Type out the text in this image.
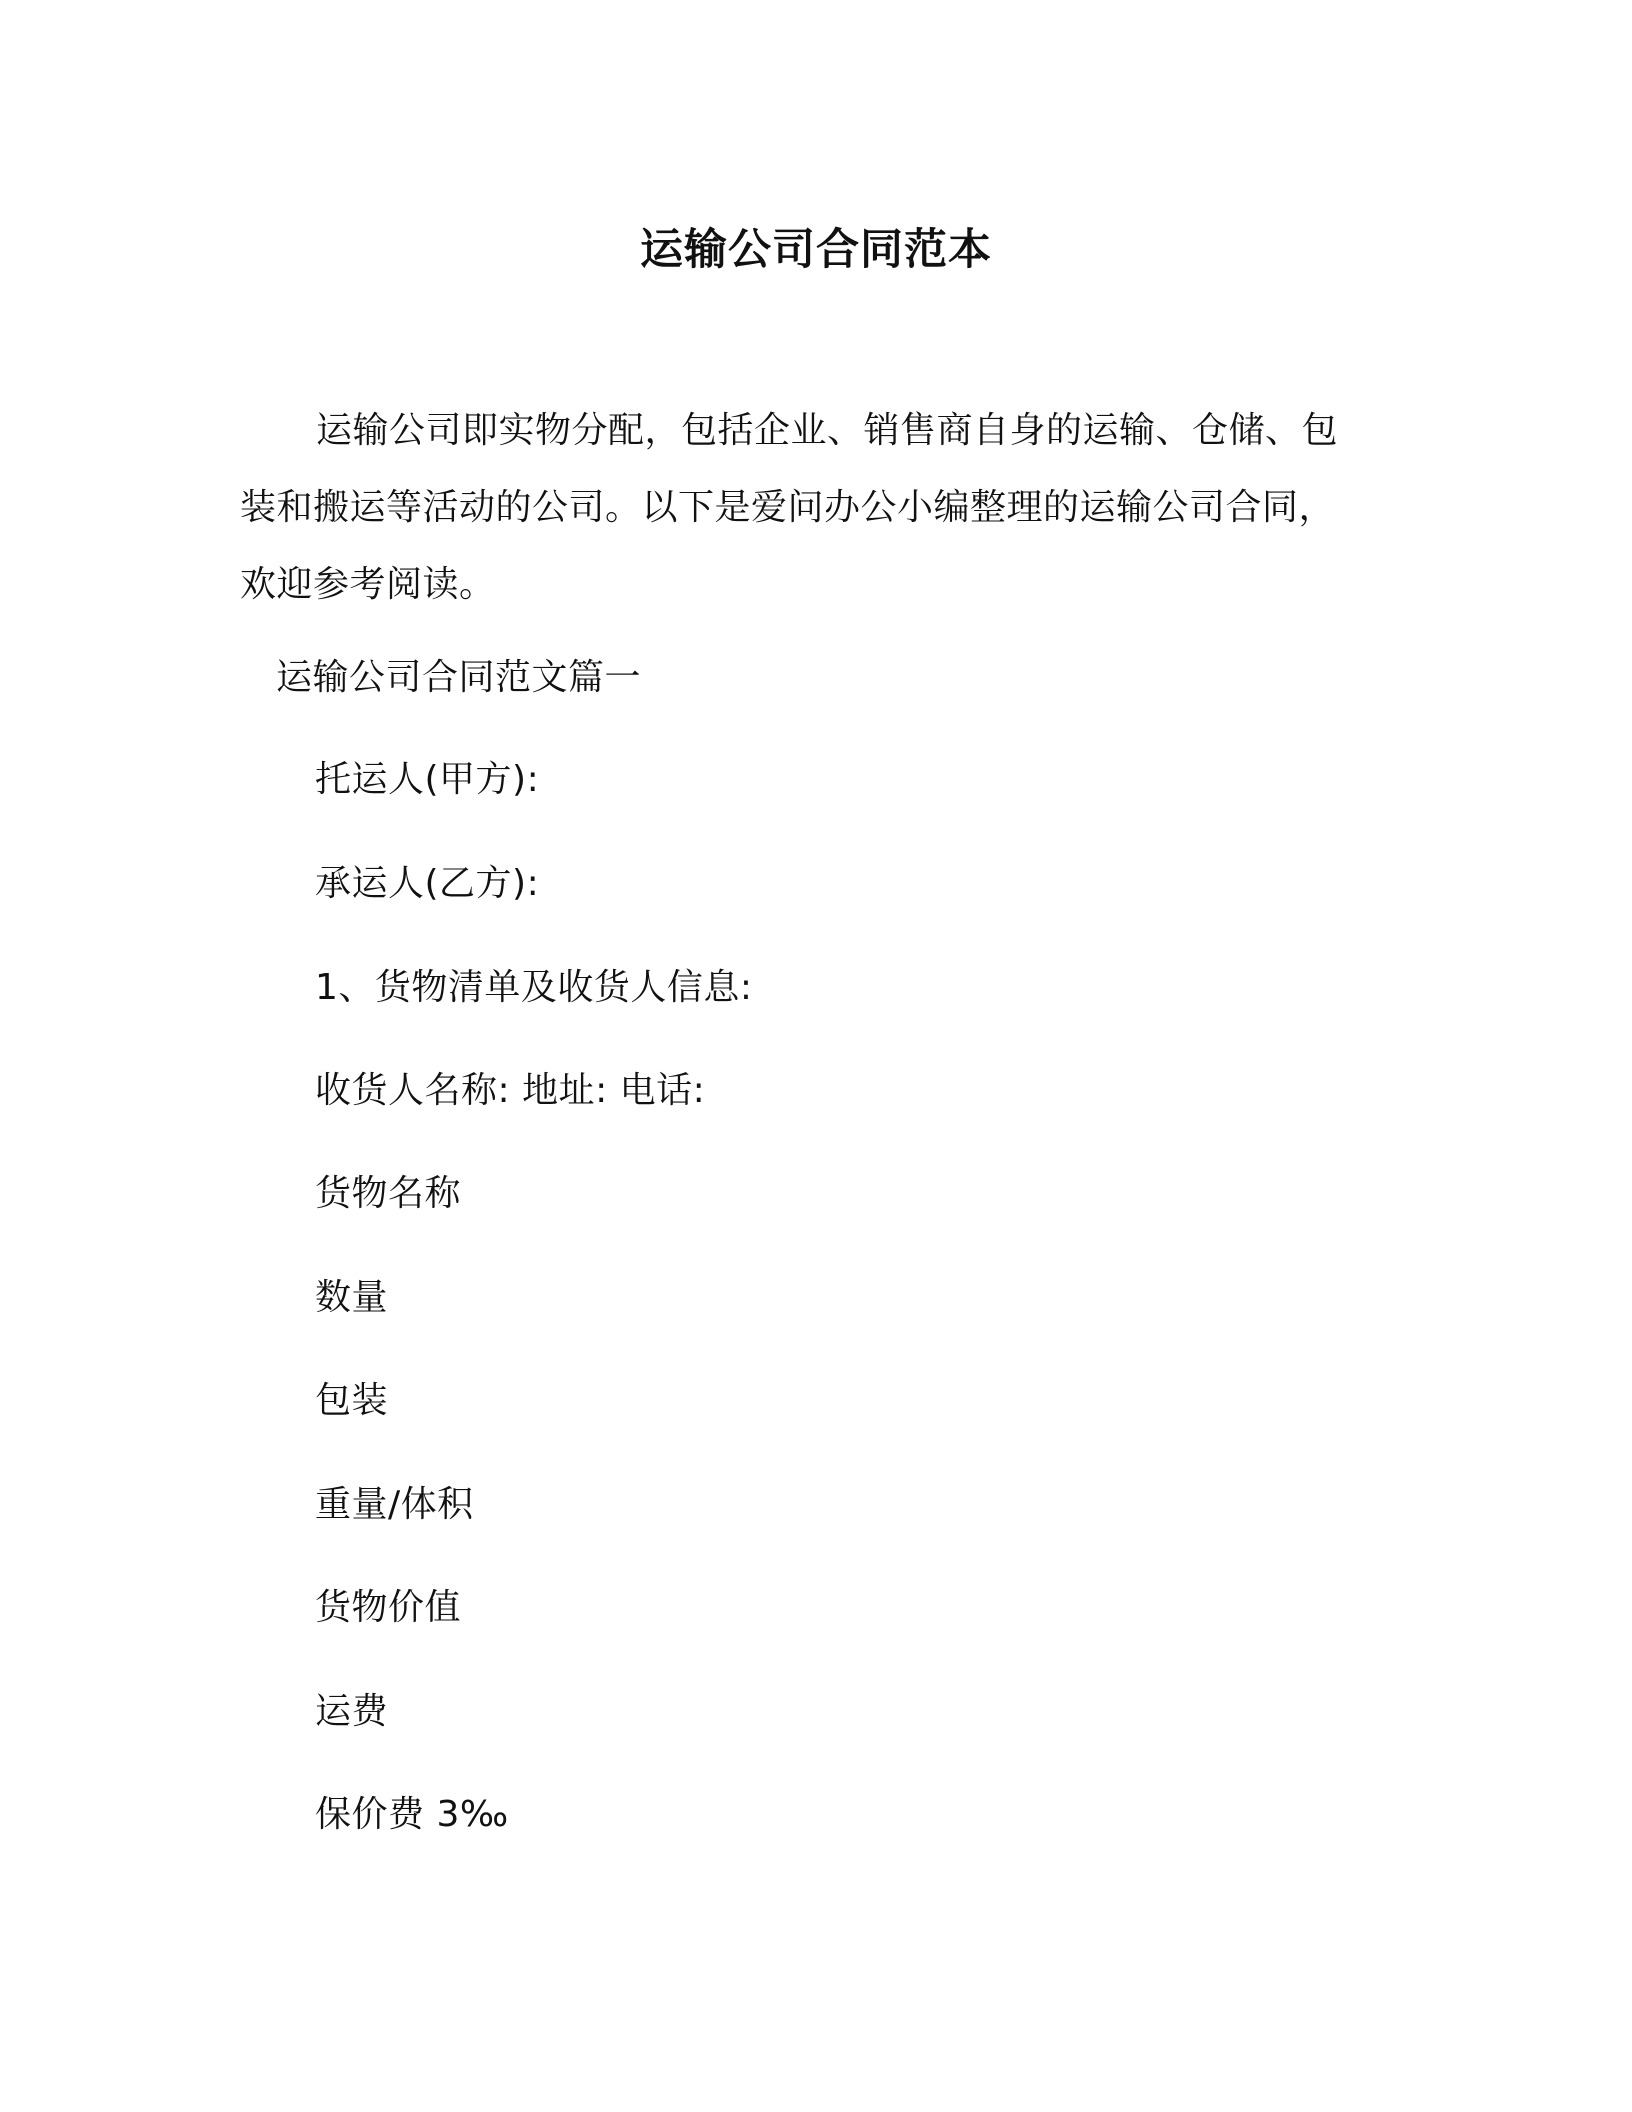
运输公司合同范本
运输公司即实物分配，包括企业、销售商自身的运输、仓储、包装和搬运等活动的公司。以下是爱问办公小编整理的运输公司合同，欢迎参考阅读。
运输公司合同范文篇一
托运人(甲方):
承运人(乙方):
1、货物清单及收货人信息:
收货人名称: 地址: 电话:
货物名称
数量
包装
重量/体积
货物价值
运费
保价费 3‰
